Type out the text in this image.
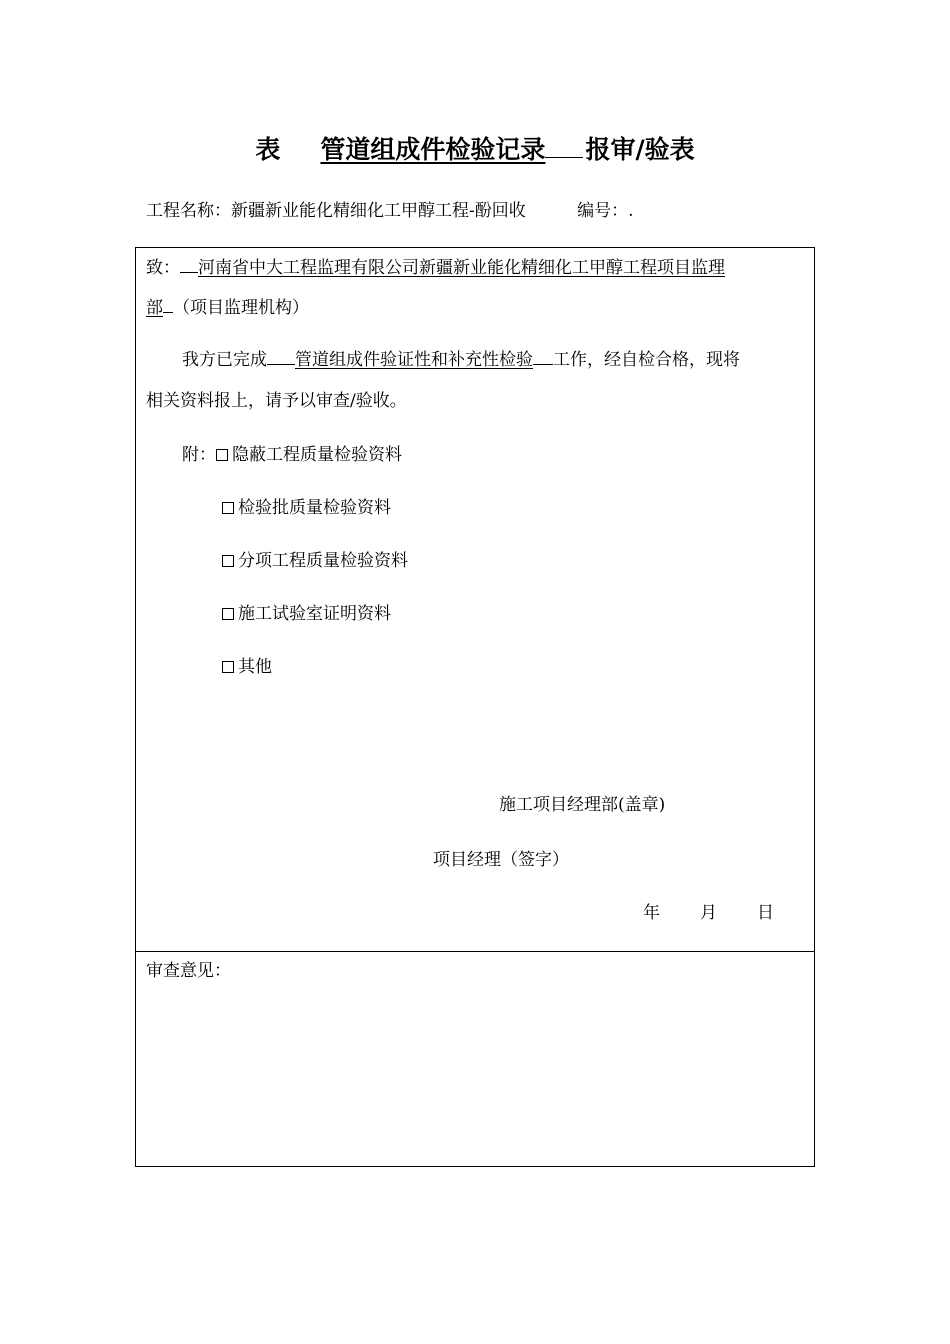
表 管道组成件检验记录 报审/验表
工程名称：新疆新业能化精细化工甲醇工程-酚回收	编号：.
致： 河南省中大工程监理有限公司新疆新业能化精细化工甲醇工程项目监理
部 （项目监理机构）
我方已完成 管道组成件验证性和补充性检验 工作，经自检合格，现将
相关资料报上，请予以审查/验收。
附： 隐蔽工程质量检验资料
检验批质量检验资料
分项工程质量检验资料
施工试验室证明资料
其他
施工项目经理部(盖章)
项目经理（签字）
年 月 日
审查意见：
